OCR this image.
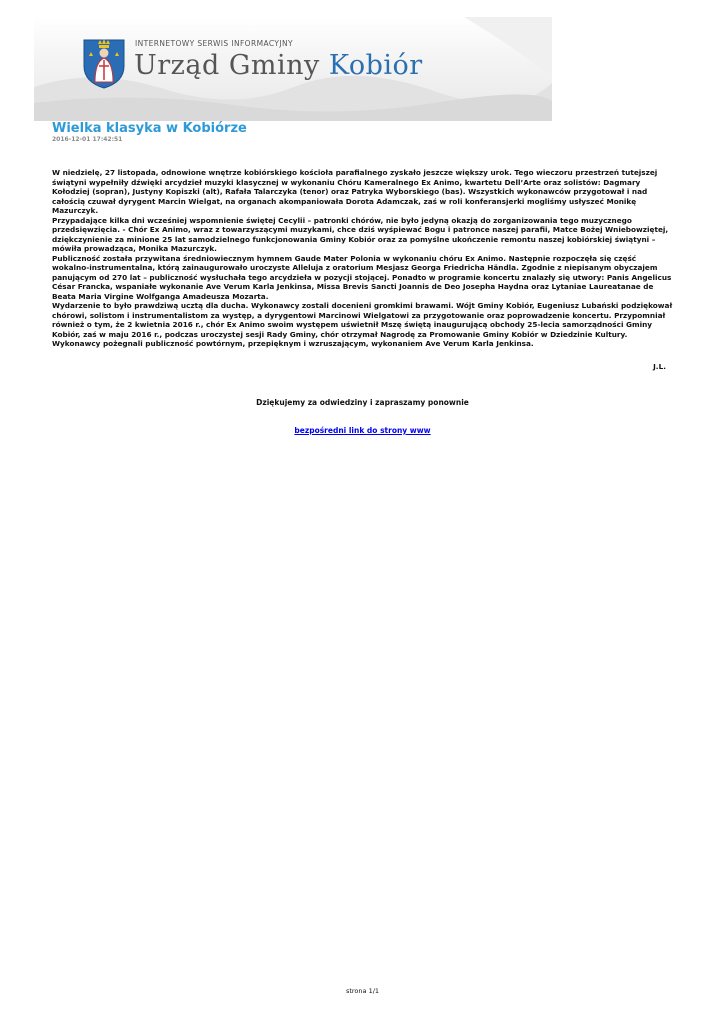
INTERNETOWY SERWIS INFORMACYJNY
Urząd Gminy Kobiór
Wielka klasyka w Kobiórze
2016-12-01 17:42:51

W niedzielę, 27 listopada, odnowione wnętrze kobiórskiego kościoła parafialnego zyskało jeszcze większy urok. Tego wieczoru przestrzeń tutejszej świątyni wypełniły dźwięki arcydzieł muzyki klasycznej w wykonaniu Chóru Kameralnego Ex Animo, kwartetu Dell’Arte oraz solistów: Dagmary Kołodziej (sopran), Justyny Kopiszki (alt), Rafała Talarczyka (tenor) oraz Patryka Wyborskiego (bas). Wszystkich wykonawców przygotował i nad całością czuwał dyrygent Marcin Wielgat, na organach akompaniowała Dorota Adamczak, zaś w roli konferansjerki mogliśmy usłyszeć Monikę Mazurczyk.

Przypadające kilka dni wcześniej wspomnienie świętej Cecylii – patronki chórów, nie było jedyną okazją do zorganizowania tego muzycznego przedsięwzięcia. - Chór Ex Animo, wraz z towarzyszącymi muzykami, chce dziś wyśpiewać Bogu i patronce naszej parafii, Matce Bożej Wniebowziętej, dziękczynienie za minione 25 lat samodzielnego funkcjonowania Gminy Kobiór oraz za pomyślne ukończenie remontu naszej kobiórskiej świątyni – mówiła prowadząca, Monika Mazurczyk.

Publiczność została przywitana średniowiecznym hymnem Gaude Mater Polonia w wykonaniu chóru Ex Animo. Następnie rozpoczęła się część wokalno-instrumentalna, którą zainaugurowało uroczyste Alleluja z oratorium Mesjasz Georga Friedricha Händla. Zgodnie z niepisanym obyczajem panującym od 270 lat – publiczność wysłuchała tego arcydzieła w pozycji stojącej. Ponadto w programie koncertu znalazły się utwory: Panis Angelicus César Francka, wspaniałe wykonanie Ave Verum Karla Jenkinsa, Missa Brevis Sancti Joannis de Deo Josepha Haydna oraz Lytaniae Laureatanae de Beata Maria Virgine Wolfganga Amadeusza Mozarta.

Wydarzenie to było prawdziwą ucztą dla ducha. Wykonawcy zostali docenieni gromkimi brawami. Wójt Gminy Kobiór, Eugeniusz Lubański podziękował chórowi, solistom i instrumentalistom za występ, a dyrygentowi Marcinowi Wielgatowi za przygotowanie oraz poprowadzenie koncertu. Przypomniał również o tym, że 2 kwietnia 2016 r., chór Ex Animo swoim występem uświetnił Mszę świętą inaugurującą obchody 25-lecia samorządności Gminy Kobiór, zaś w maju 2016 r., podczas uroczystej sesji Rady Gminy, chór otrzymał Nagrodę za Promowanie Gminy Kobiór w Dziedzinie Kultury.

Wykonawcy pożegnali publiczność powtórnym, przepięknym i wzruszającym, wykonaniem Ave Verum Karla Jenkinsa.

J.L.
Dziękujemy za odwiedziny i zapraszamy ponownie
bezpośredni link do strony www
strona 1/1
